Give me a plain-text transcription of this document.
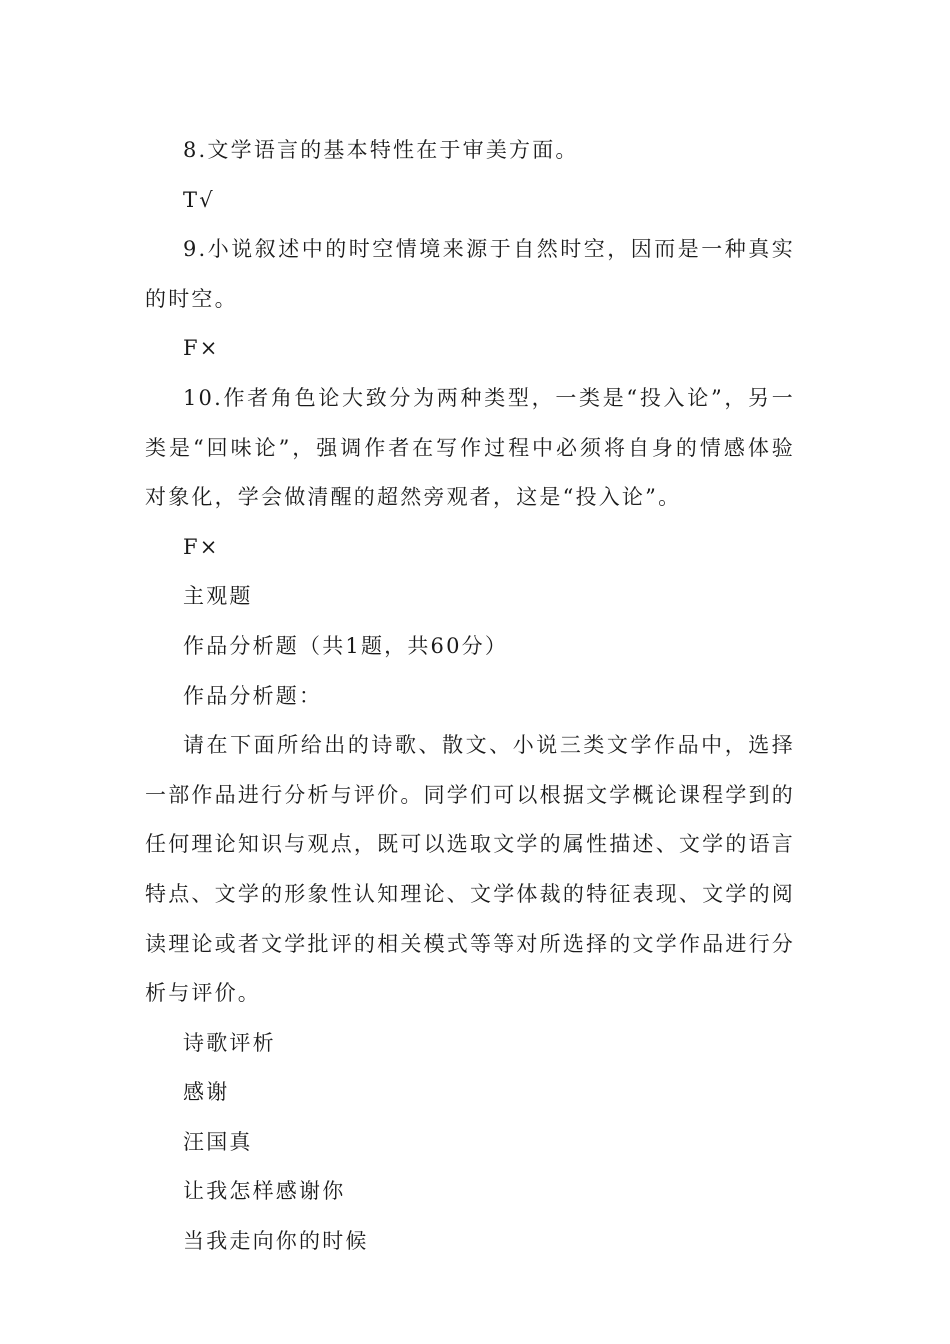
8.文学语言的基本特性在于审美方面。

T√

9.小说叙述中的时空情境来源于自然时空，因而是一种真实的时空。

F×

10.作者角色论大致分为两种类型，一类是“投入论”，另一类是“回味论”，强调作者在写作过程中必须将自身的情感体验对象化，学会做清醒的超然旁观者，这是“投入论”。

F×

主观题

作品分析题（共1题，共60分）

作品分析题：

请在下面所给出的诗歌、散文、小说三类文学作品中，选择一部作品进行分析与评价。同学们可以根据文学概论课程学到的任何理论知识与观点，既可以选取文学的属性描述、文学的语言特点、文学的形象性认知理论、文学体裁的特征表现、文学的阅读理论或者文学批评的相关模式等等对所选择的文学作品进行分析与评价。

诗歌评析

感谢

汪国真

让我怎样感谢你

当我走向你的时候
